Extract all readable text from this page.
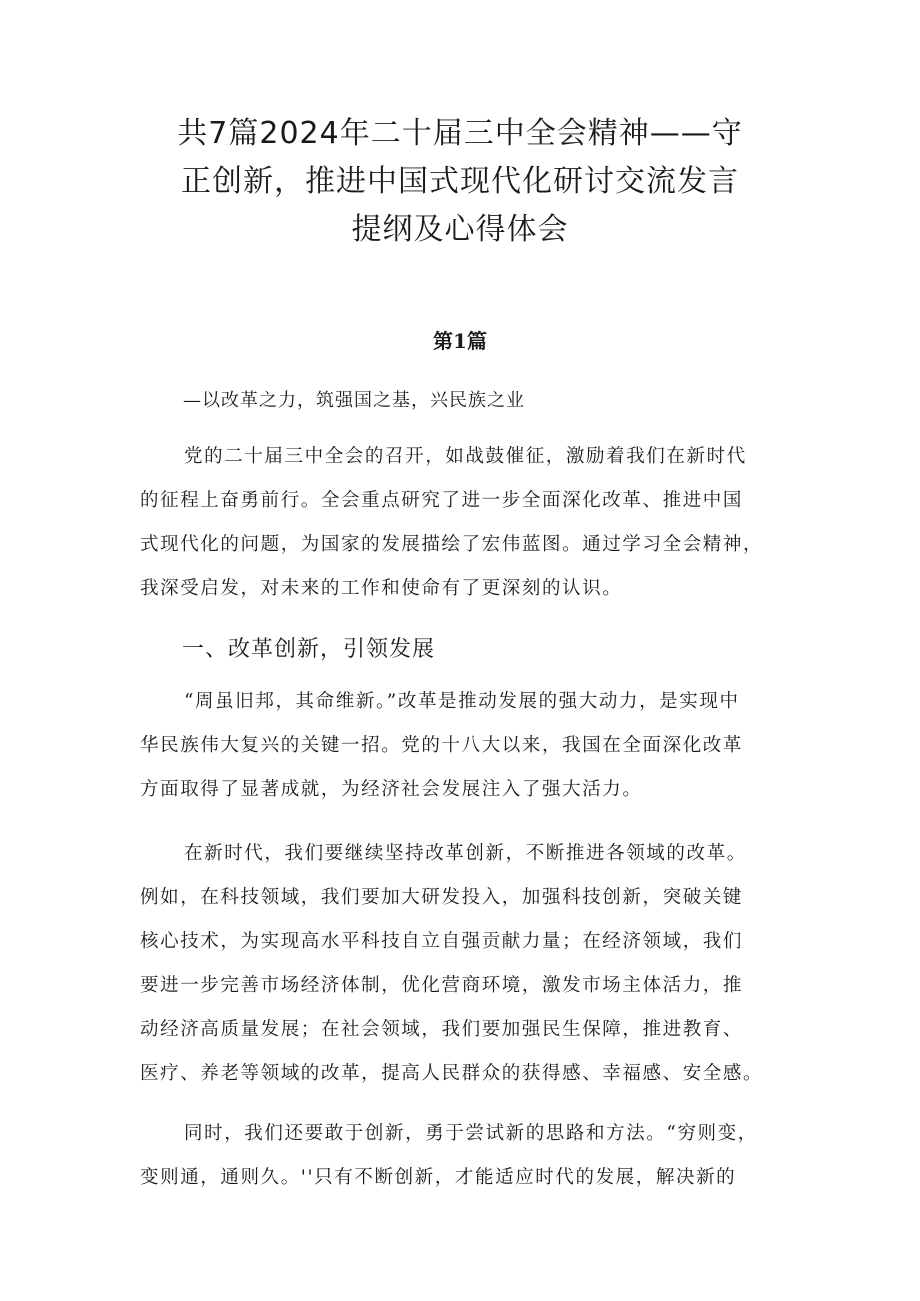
共7篇2024年二十届三中全会精神——守
正创新，推进中国式现代化研讨交流发言
提纲及心得体会
第1篇
—以改革之力，筑强国之基，兴民族之业
党的二十届三中全会的召开，如战鼓催征，激励着我们在新时代
的征程上奋勇前行。全会重点研究了进一步全面深化改革、推进中国
式现代化的问题，为国家的发展描绘了宏伟蓝图。通过学习全会精神，
我深受启发，对未来的工作和使命有了更深刻的认识。
一、改革创新，引领发展
“周虽旧邦，其命维新。”改革是推动发展的强大动力，是实现中
华民族伟大复兴的关键一招。党的十八大以来，我国在全面深化改革
方面取得了显著成就，为经济社会发展注入了强大活力。
在新时代，我们要继续坚持改革创新，不断推进各领域的改革。
例如，在科技领域，我们要加大研发投入，加强科技创新，突破关键
核心技术，为实现高水平科技自立自强贡献力量；在经济领域，我们
要进一步完善市场经济体制，优化营商环境，激发市场主体活力，推
动经济高质量发展；在社会领域，我们要加强民生保障，推进教育、
医疗、养老等领域的改革，提高人民群众的获得感、幸福感、安全感。
同时，我们还要敢于创新，勇于尝试新的思路和方法。“穷则变，
变则通，通则久。''只有不断创新，才能适应时代的发展，解决新的
